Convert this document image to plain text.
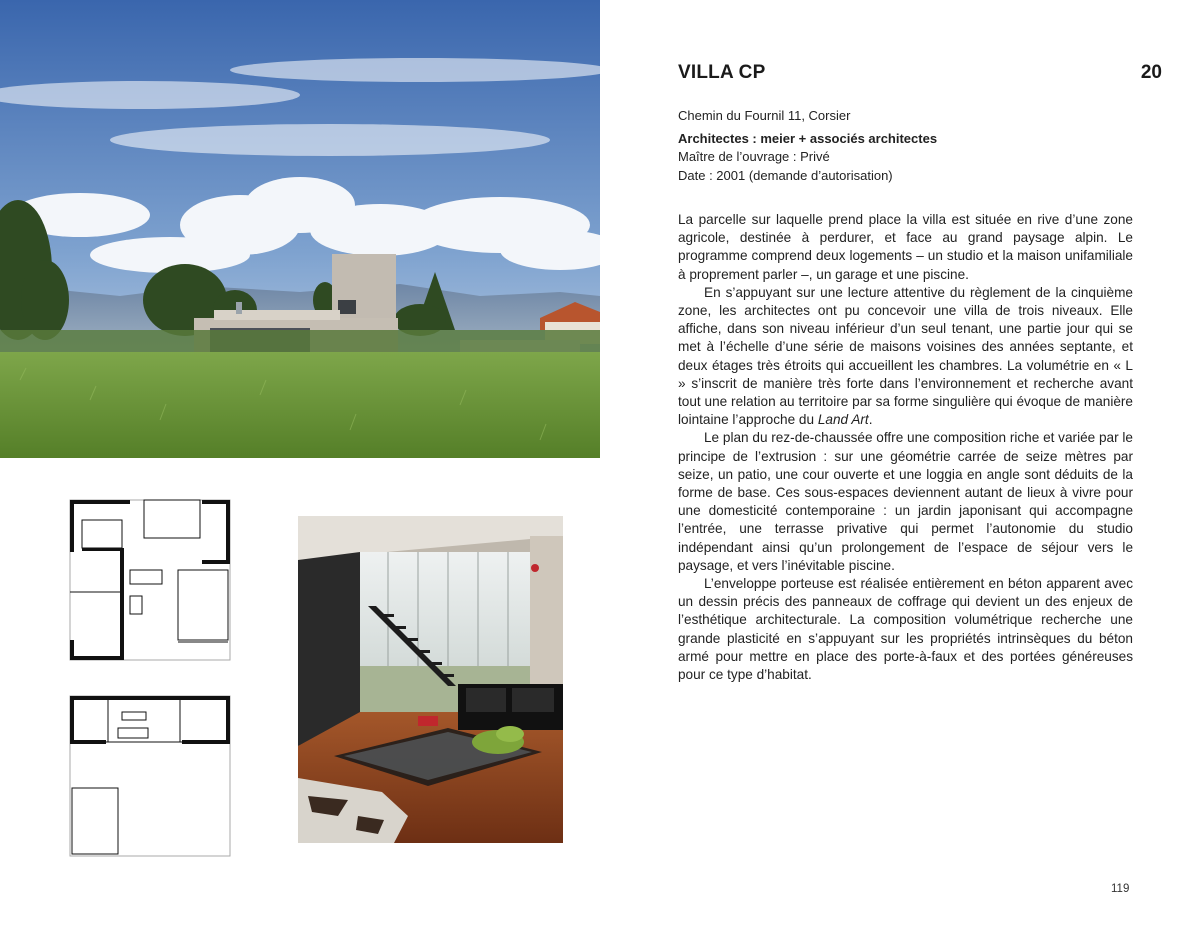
VILLA CP	20
Chemin du Fournil 11, Corsier
Architectes : meier + associés architectes
Maître de l’ouvrage : Privé
Date : 2001 (demande d’autorisation)

La parcelle sur laquelle prend place la villa est située en rive d’une zone agricole, destinée à perdurer, et face au grand paysage alpin. Le programme comprend deux logements – un studio et la maison unifamiliale à proprement parler –, un garage et une piscine.

En s’appuyant sur une lecture attentive du règlement de la cinquième zone, les architectes ont pu concevoir une villa de trois niveaux. Elle affiche, dans son niveau inférieur d’un seul tenant, une partie jour qui se met à l’échelle d’une série de maisons voisines des années septante, et deux étages très étroits qui accueillent les chambres. La volumétrie en « L » s’inscrit de manière très forte dans l’environnement et recherche avant tout une relation au territoire par sa forme singulière qui évoque de manière lointaine l’approche du Land Art.

Le plan du rez-de-chaussée offre une composition riche et variée par le principe de l’extrusion : sur une géométrie carrée de seize mètres par seize, un patio, une cour ouverte et une loggia en angle sont déduits de la forme de base. Ces sous-espaces deviennent autant de lieux à vivre pour une domesticité contemporaine : un jardin japonisant qui accompagne l’entrée, une terrasse privative qui permet l’autonomie du studio indépendant ainsi qu’un prolongement de l’espace de séjour vers le paysage, et vers l’inévitable piscine.

L’enveloppe porteuse est réalisée entièrement en béton apparent avec un dessin précis des panneaux de coffrage qui devient un des enjeux de l’esthétique architecturale. La composition volumétrique recherche une grande plasticité en s’appuyant sur les propriétés intrinsèques du béton armé pour mettre en place des porte-à-faux et des portées généreuses pour ce type d’habitat.

119
